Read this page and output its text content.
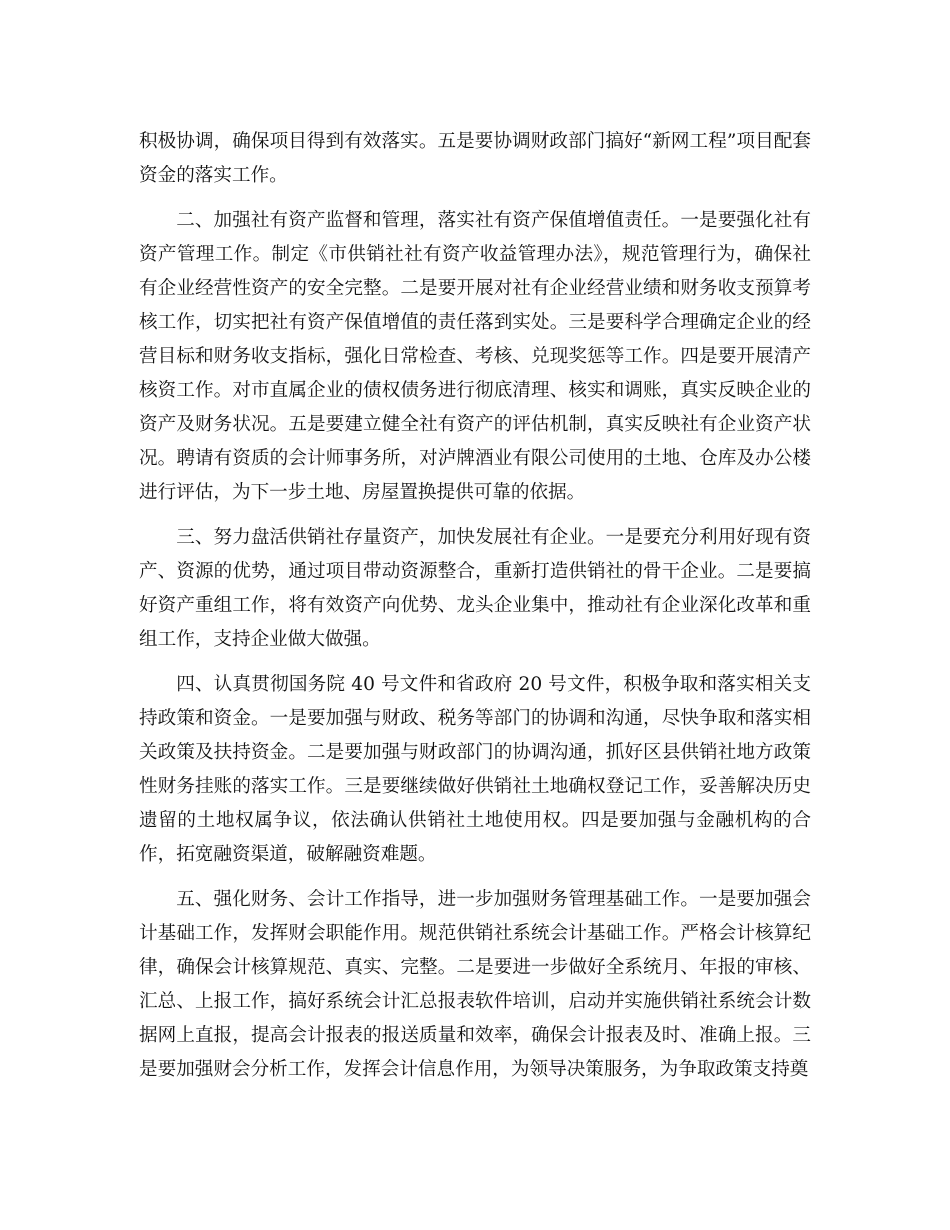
积极协调，确保项目得到有效落实。五是要协调财政部门搞好“新网工程”项目配套资金的落实工作。

二、加强社有资产监督和管理，落实社有资产保值增值责任。一是要强化社有资产管理工作。制定《市供销社社有资产收益管理办法》，规范管理行为，确保社有企业经营性资产的安全完整。二是要开展对社有企业经营业绩和财务收支预算考核工作，切实把社有资产保值增值的责任落到实处。三是要科学合理确定企业的经营目标和财务收支指标，强化日常检查、考核、兑现奖惩等工作。四是要开展清产核资工作。对市直属企业的债权债务进行彻底清理、核实和调账，真实反映企业的资产及财务状况。五是要建立健全社有资产的评估机制，真实反映社有企业资产状况。聘请有资质的会计师事务所，对泸牌酒业有限公司使用的土地、仓库及办公楼进行评估，为下一步土地、房屋置换提供可靠的依据。

三、努力盘活供销社存量资产，加快发展社有企业。一是要充分利用好现有资产、资源的优势，通过项目带动资源整合，重新打造供销社的骨干企业。二是要搞好资产重组工作，将有效资产向优势、龙头企业集中，推动社有企业深化改革和重组工作，支持企业做大做强。

四、认真贯彻国务院 40 号文件和省政府 20 号文件，积极争取和落实相关支持政策和资金。一是要加强与财政、税务等部门的协调和沟通，尽快争取和落实相关政策及扶持资金。二是要加强与财政部门的协调沟通，抓好区县供销社地方政策性财务挂账的落实工作。三是要继续做好供销社土地确权登记工作，妥善解决历史遗留的土地权属争议，依法确认供销社土地使用权。四是要加强与金融机构的合作，拓宽融资渠道，破解融资难题。

五、强化财务、会计工作指导，进一步加强财务管理基础工作。一是要加强会计基础工作，发挥财会职能作用。规范供销社系统会计基础工作。严格会计核算纪律，确保会计核算规范、真实、完整。二是要进一步做好全系统月、年报的审核、汇总、上报工作，搞好系统会计汇总报表软件培训，启动并实施供销社系统会计数据网上直报，提高会计报表的报送质量和效率，确保会计报表及时、准确上报。三是要加强财会分析工作，发挥会计信息作用，为领导决策服务，为争取政策支持奠
